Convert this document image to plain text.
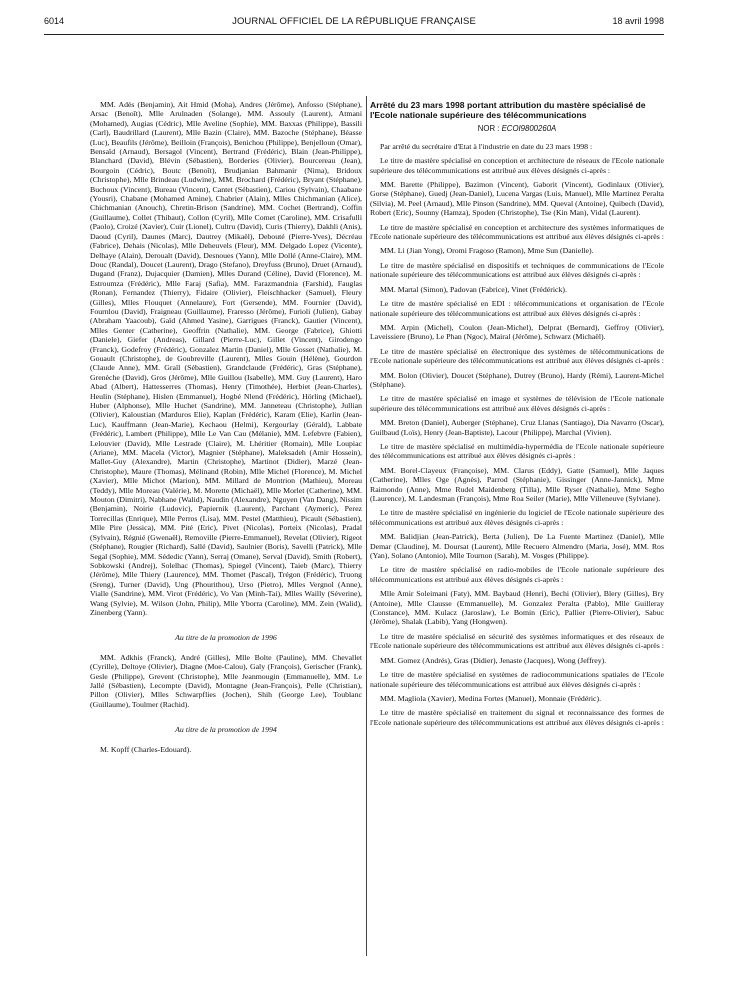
6014	JOURNAL OFFICIEL DE LA RÉPUBLIQUE FRANÇAISE	18 avril 1998

MM. Adès (Benjamin), Ait Hmid (Moha), Andres (Jérôme), Anfosso (Stéphane), Arsac (Benoît), Mlle Arulnaden (Solange), MM. Assouly (Laurent), Atmani (Mohamed), Augias (Cédric), Mlle Aveline (Sophie), MM. Baxxas (Philippe), Bassili (Carl), Baudrillard (Laurent), Mlle Bazin (Claire), MM. Bazoche (Stéphane), Béasse (Luc), Beaufils (Jérôme), Beilloin (François), Benichou (Philippe), Benjelloun (Omar), Bensaïd (Arnaud), Bersagol (Vincent), Bertrand (Frédéric), Blain (Jean-Philippe), Blanchard (David), Blévin (Sébastien), Borderies (Olivier), Bourcereau (Jean), Bourgoin (Cédric), Boutc (Benoît), Brudjanian Bahmanir (Nima), Bridoux (Christophe), Mlle Brindeau (Ludwine), MM. Brochard (Frédéric), Bryant (Stéphane), Buchoux (Vincent), Bureau (Vincent), Cantet (Sébastien), Cariou (Sylvain), Chaabane (Yousri), Chabane (Mohamed Amine), Chabrier (Alain), Mlles Chichmanian (Alice), Chichmanian (Anouch), Chretin-Brison (Sandrine), MM. Cochet (Bertrand), Coffin (Guillaume), Collet (Thibaut), Collon (Cyril), Mlle Comet (Caroline), MM. Crisafulli (Paolo), Croizé (Xavier), Cuir (Lionel), Cultru (David), Curis (Thierry), Dakhli (Anis), Daoud (Cyril), Daunes (Marc), Dautrey (Mikaël), Debouté (Pierre-Yves), Décréau (Fabrice), Dehais (Nicolas), Mlle Deheuvels (Fleur), MM. Delgado Lopez (Vicente), Delhaye (Alain), Deroualt (David), Desnoues (Yann), Mlle Dollé (Anne-Claire), MM. Douc (Randal), Doucet (Laurent), Drago (Stefano), Dreyfuss (Bruno), Druet (Arnaud), Dugand (Franz), Dujacquier (Damien), Mlles Durand (Céline), David (Florence), M. Estroumza (Frédéric), Mlle Faraj (Safia), MM. Farazmandnia (Farshid), Fauglas (Ronan), Fernandez (Thierry), Fidaire (Olivier), Fleischhacker (Samuel), Fleury (Gilles), Mlles Flouquet (Annelaure), Fort (Gersende), MM. Fournier (David), Fournlou (David), Fraigneau (Guillaume), Fraresso (Jérôme), Furioli (Julien), Gabay (Abraham Yaacoub), Gaïd (Ahmed Yasine), Garrigues (Franck), Gautier (Vincent), Mlles Genter (Catherine), Geoffrin (Nathalie), MM. George (Fabrice), Ghiotti (Daniele), Giefer (Andreas), Gillard (Pierre-Luc), Gillet (Vincent), Girodengo (Franck), Godefroy (Frédéric), Gonzalez Martin (Daniel), Mlle Gosset (Nathalie), M. Gouault (Christophe), de Goubreville (Laurent), Mlles Gouin (Hélène), Gourdon (Claude Anne), MM. Graïl (Sébastien), Grandclaude (Frédéric), Gras (Stéphane), Grenèche (David), Gros (Jérôme), Mlle Guillou (Isabelle), MM. Guy (Laurent), Haro Abad (Albert), Hattesserres (Thomas), Henry (Timothée), Herbiet (Jean-Charles), Heulin (Stéphane), Hislen (Emmanuel), Hogbé Nlend (Frédéric), Hörling (Michael), Huber (Alphonse), Mlle Huchet (Sandrine), MM. Janneteau (Christophe), Jullian (Olivier), Kaloustian (Marduros Elie), Kaplan (Frédéric), Karam (Elie), Karlin (Jean-Luc), Kauffmann (Jean-Marie), Kechaou (Helmi), Kergourlay (Gérald), Labbate (Frédéric), Lambert (Philippe), Mlle Le Van Cau (Mélanie), MM. Lefebvre (Fabien), Lelouvier (David), Mlle Lestrade (Claire), M. Lhéritier (Romain), Mlle Loupiac (Ariane), MM. Macela (Victor), Magnier (Stéphane), Maleksadeh (Amir Hossein), Mallet-Guy (Alexandre), Martin (Christophe), Martinot (Didier), Marzé (Jean-Christophe), Maure (Thomas), Mélinand (Robin), Mlle Michel (Florence), M. Michel (Xavier), Mlle Michot (Marion), MM. Millard de Montrion (Mathieu), Moreau (Teddy), Mlle Moreau (Valérie), M. Morette (Michaël), Mlle Morlet (Catherine), MM. Mouton (Dimitri), Nabhane (Walid), Naudin (Alexandre), Nguyen (Van Dang), Nissim (Benjamin), Noirie (Ludovic), Papiernik (Laurent), Parchant (Aymeric), Perez Torrecillas (Enrique), Mlle Perros (Lisa), MM. Pestel (Matthieu), Picault (Sébastien), Mlle Pire (Jessica), MM. Pité (Eric), Pivet (Nicolas), Porteix (Nicolas), Pradal (Sylvain), Régnié (Gwenaël), Removille (Pierre-Emmanuel), Revelat (Olivier), Rigeot (Stéphane), Rougier (Richard), Sallé (David), Saulnier (Boris), Savelli (Patrick), Mlle Segal (Sophie), MM. Sédedic (Yann), Serraj (Omane), Serval (David), Smith (Robert), Sobkowski (Andrej), Solelhac (Thomas), Spiegel (Vincent), Taieb (Marc), Thierry (Jérôme), Mlle Thiery (Laurence), MM. Thomet (Pascal), Trégon (Frédéric), Truong (Sreng), Turner (David), Ung (Phourithou), Urso (Pietro), Mlles Vergnol (Anne), Vialle (Sandrine), MM. Virot (Frédéric), Vo Van (Minh-Tai), Mlles Wailly (Séverine), Wang (Sylvie), M. Wilson (John, Philip), Mlle Yborra (Caroline), MM. Zein (Walid), Zinenberg (Yann).

Au titre de la promotion de 1996

MM. Adkhis (Franck), André (Gilles), Mlle Bolte (Pauline), MM. Chevallet (Cyrille), Deltoye (Olivier), Diagne (Moe-Calou), Galy (François), Gerischer (Frank), Gesle (Philippe), Grevent (Christophe), Mlle Jeanmougin (Emmanuelle), MM. Le Jallé (Sébastien), Lecompte (David), Montagne (Jean-François), Pelle (Christian), Pillon (Olivier), Mlles Schwarpflies (Jochen), Shih (George Lee), Toublanc (Guillaume), Toulmer (Rachid).

Au titre de la promotion de 1994

M. Kopff (Charles-Edouard).

Arrêté du 23 mars 1998 portant attribution du mastère spécialisé de l'Ecole nationale supérieure des télécommunications

NOR : ECOI9800260A

Par arrêté du secrétaire d'Etat à l'industrie en date du 23 mars 1998 :

Le titre de mastère spécialisé en conception et architecture de réseaux de l'Ecole nationale supérieure des télécommunications est attribué aux élèves désignés ci-après :

MM. Barette (Philippe), Bazimon (Vincent), Gaborit (Vincent), Godinlaux (Olivier), Gorse (Stéphane), Guedj (Jean-Daniel), Lucena Vargas (Luis, Manuel), Mlle Martinez Peralta (Silvia), M. Peel (Arnaud), Mlle Pinson (Sandrine), MM. Queval (Antoine), Quibech (David), Robert (Eric), Sounny (Hamza), Spoden (Christophe), Tse (Kin Man), Vidal (Laurent).

Le titre de mastère spécialisé en conception et architecture des systèmes informatiques de l'Ecole nationale supérieure des télécommunications est attribué aux élèves désignés ci-après :

MM. Li (Jian Yong), Oromi Fragoso (Ramon), Mme Sun (Danielle).

Le titre de mastère spécialisé en dispositifs et techniques de communications de l'Ecole nationale supérieure des télécommunications est attribué aux élèves désignés ci-après :

MM. Martal (Simon), Padovan (Fabrice), Vinet (Frédérick).

Le titre de mastère spécialisé en EDI : télécommunications et organisation de l'Ecole nationale supérieure des télécommunications est attribué aux élèves désignés ci-après :

MM. Arpin (Michel), Coulon (Jean-Michel), Delprat (Bernard), Geffroy (Olivier), Laveissiere (Bruno), Le Phan (Ngoc), Mairal (Jérôme), Schwarz (Michaël).

Le titre de mastère spécialisé en électronique des systèmes de télécommunications de l'Ecole nationale supérieure des télécommunications est attribué aux élèves désignés ci-après :

MM. Bolon (Olivier), Doucet (Stéphane), Dutrey (Bruno), Hardy (Rémi), Laurent-Michel (Stéphane).

Le titre de mastère spécialisé en image et systèmes de télévision de l'Ecole nationale supérieure des télécommunications est attribué aux élèves désignés ci-après :

MM. Breton (Daniel), Auberger (Stéphane), Cruz Llanas (Santiago), Dia Navarro (Oscar), Guilbaud (Loïs), Henry (Jean-Baptiste), Lacour (Philippe), Marchal (Vivien).

Le titre de mastère spécialisé en multimédia-hypermédia de l'Ecole nationale supérieure des télécommunications est attribué aux élèves désignés ci-après :

MM. Borel-Clayeux (Françoise), MM. Clarus (Eddy), Gatte (Samuel), Mlle Jaques (Catherine), Mlles Oge (Agnès), Parrod (Stéphanie), Gissinger (Anne-Jannick), Mme Raimondo (Anne), Mme Rudel Maidenberg (Tilla), Mlle Ryser (Nathalie), Mme Segho (Laurence), M. Landesman (François), Mme Roa Seiler (Marie), Mlle Villeneuve (Sylviane).

Le titre de mastère spécialisé en ingénierie du logiciel de l'Ecole nationale supérieure des télécommunications est attribué aux élèves désignés ci-après :

MM. Balidjian (Jean-Patrick), Berta (Julien), De La Fuente Martinez (Daniel), Mlle Demar (Claudine), M. Doursat (Laurent), Mlle Recuero Almendro (Maria, José), MM. Ros (Yan), Solano (Antonio), Mlle Tournon (Sarah), M. Vosges (Philippe).

Le titre de mastère spécialisé en radio-mobiles de l'Ecole nationale supérieure des télécommunications est attribué aux élèves désignés ci-après :

Mlle Amir Soleimani (Faty), MM. Baybaud (Henri), Bechi (Olivier), Blery (Gilles), Bry (Antoine), Mlle Clausse (Emmanuelle), M. Gonzalez Peralta (Pablo), Mlle Guilleray (Constance), MM. Kulacz (Jaroslaw), Le Bomin (Eric), Pallier (Pierre-Olivier), Sabuc (Jérôme), Shalak (Labib), Yang (Hongwen).

Le titre de mastère spécialisé en sécurité des systèmes informatiques et des réseaux de l'Ecole nationale supérieure des télécommunications est attribué aux élèves désignés ci-après :

MM. Gomez (Andrés), Gras (Didier), Jenaste (Jacques), Wong (Jeffrey).

Le titre de mastère spécialisé en systèmes de radiocommunications spatiales de l'Ecole nationale supérieure des télécommunications est attribué aux élèves désignés ci-après :

MM. Magliola (Xavier), Medina Fortes (Manuel), Monnaie (Frédéric).

Le titre de mastère spécialisé en traitement du signal et reconnaissance des formes de l'Ecole nationale supérieure des télécommunications est attribué aux élèves désignés ci-après :
